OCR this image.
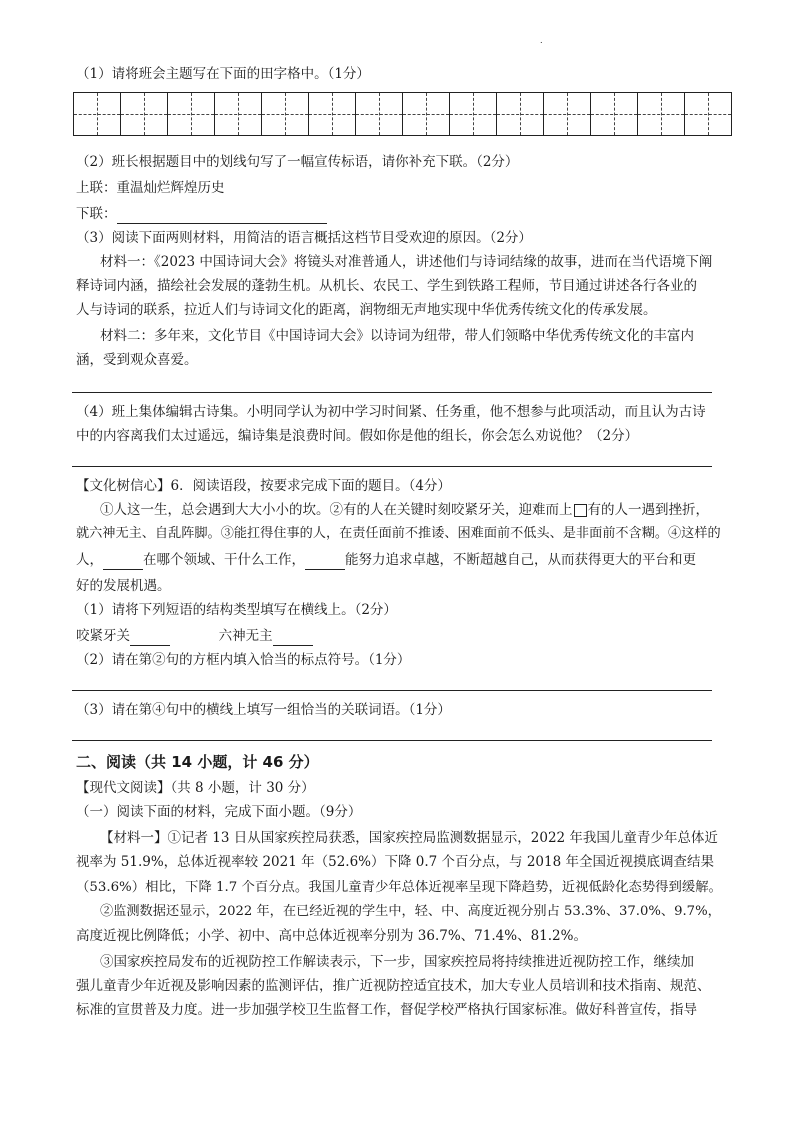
.
（1）请将班会主题写在下面的田字格中。（1分）
（2）班长根据题目中的划线句写了一幅宣传标语，请你补充下联。（2分）
上联：重温灿烂辉煌历史
下联：
（3）阅读下面两则材料，用简洁的语言概括这档节目受欢迎的原因。（2分）
材料一：《2023 中国诗词大会》将镜头对准普通人，讲述他们与诗词结缘的故事，进而在当代语境下阐
释诗词内涵，描绘社会发展的蓬勃生机。从机长、农民工、学生到铁路工程师，节目通过讲述各行各业的
人与诗词的联系，拉近人们与诗词文化的距离，润物细无声地实现中华优秀传统文化的传承发展。
材料二：多年来，文化节目《中国诗词大会》以诗词为纽带，带人们领略中华优秀传统文化的丰富内
涵，受到观众喜爱。
（4）班上集体编辑古诗集。小明同学认为初中学习时间紧、任务重，他不想参与此项活动，而且认为古诗
中的内容离我们太过遥远，编诗集是浪费时间。假如你是他的组长，你会怎么劝说他？（2分）
【文化树信心】6．阅读语段，按要求完成下面的题目。（4分）
①人这一生，总会遇到大大小小的坎。②有的人在关键时刻咬紧牙关，迎难而上 有的人一遇到挫折，
就六神无主、自乱阵脚。③能扛得住事的人，在责任面前不推诿、困难面前不低头、是非面前不含糊。④这样的
人，	在哪个领域、干什么工作，	能努力追求卓越，不断超越自己，从而获得更大的平台和更
好的发展机遇。
（1）请将下列短语的结构类型填写在横线上。（2分）
咬紧牙关	六神无主
（2）请在第②句的方框内填入恰当的标点符号。（1分）
（3）请在第④句中的横线上填写一组恰当的关联词语。（1分）
二、阅读（共 14 小题，计 46 分）
【现代文阅读】（共 8 小题，计 30 分）
（一）阅读下面的材料，完成下面小题。（9分）
【材料一】①记者 13 日从国家疾控局获悉，国家疾控局监测数据显示，2022 年我国儿童青少年总体近
视率为 51.9%，总体近视率较 2021 年（52.6%）下降 0.7 个百分点，与 2018 年全国近视摸底调查结果
（53.6%）相比，下降 1.7 个百分点。我国儿童青少年总体近视率呈现下降趋势，近视低龄化态势得到缓解。
②监测数据还显示，2022 年，在已经近视的学生中，轻、中、高度近视分别占 53.3%、37.0%、9.7%，
高度近视比例降低；小学、初中、高中总体近视率分别为 36.7%、71.4%、81.2%。
③国家疾控局发布的近视防控工作解读表示，下一步，国家疾控局将持续推进近视防控工作，继续加
强儿童青少年近视及影响因素的监测评估，推广近视防控适宜技术，加大专业人员培训和技术指南、规范、
标准的宣贯普及力度。进一步加强学校卫生监督工作，督促学校严格执行国家标准。做好科普宣传，指导
